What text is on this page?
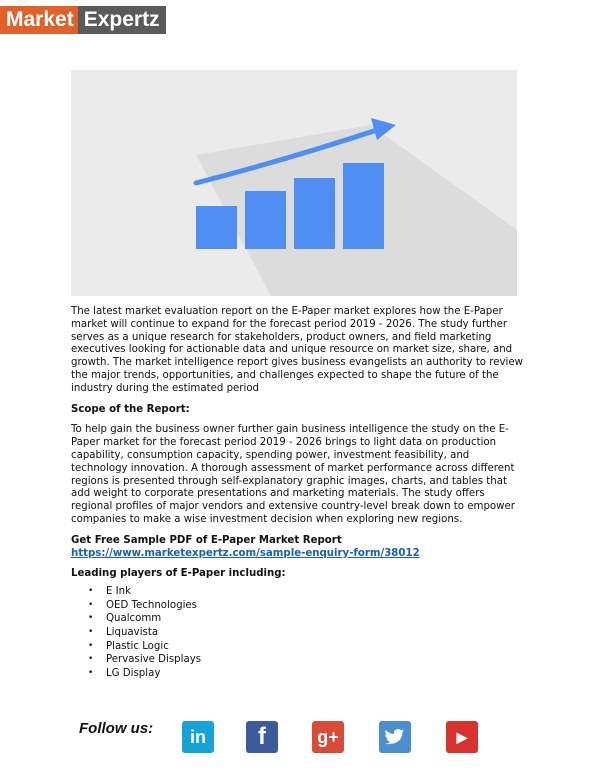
Market Expertz

The latest market evaluation report on the E-Paper market explores how the E-Paper market will continue to expand for the forecast period 2019 - 2026. The study further serves as a unique research for stakeholders, product owners, and field marketing executives looking for actionable data and unique resource on market size, share, and growth. The market intelligence report gives business evangelists an authority to review the major trends, opportunities, and challenges expected to shape the future of the industry during the estimated period

Scope of the Report:

To help gain the business owner further gain business intelligence the study on the E-Paper market for the forecast period 2019 - 2026 brings to light data on production capability, consumption capacity, spending power, investment feasibility, and technology innovation. A thorough assessment of market performance across different regions is presented through self-explanatory graphic images, charts, and tables that add weight to corporate presentations and marketing materials. The study offers regional profiles of major vendors and extensive country-level break down to empower companies to make a wise investment decision when exploring new regions.

Get Free Sample PDF of E-Paper Market Report
https://www.marketexpertz.com/sample-enquiry-form/38012
Leading players of E-Paper including:
• E Ink
• OED Technologies
• Qualcomm
• Liquavista
• Plastic Logic
• Pervasive Displays
• LG Display
Follow us:	in	f	g+	▶
